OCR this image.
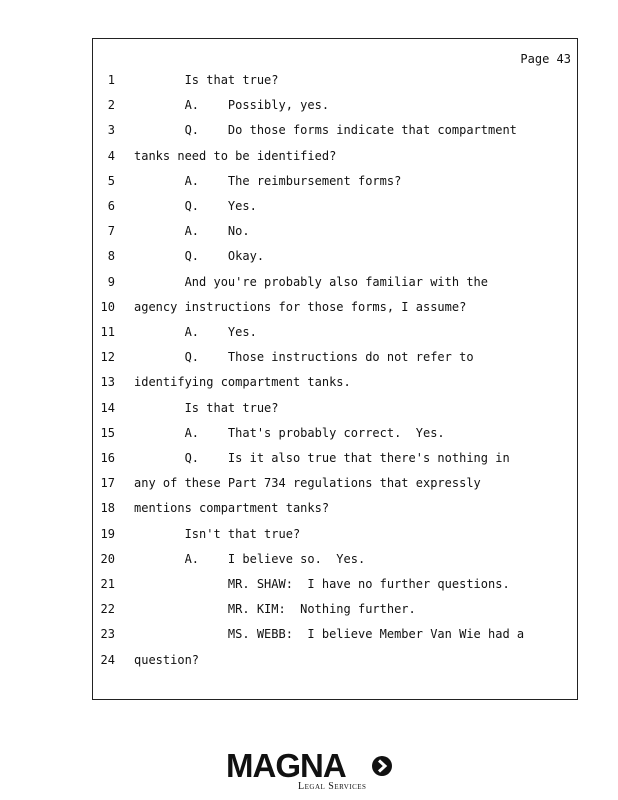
Page 43
1 Is that true?
2 A.    Possibly, yes.
3 Q.    Do those forms indicate that compartment
4 tanks need to be identified?
5 A.    The reimbursement forms?
6 Q.    Yes.
7 A.    No.
8 Q.    Okay.
9 And you're probably also familiar with the
10 agency instructions for those forms, I assume?
11 A.    Yes.
12 Q.    Those instructions do not refer to
13 identifying compartment tanks.
14 Is that true?
15 A.    That's probably correct.  Yes.
16 Q.    Is it also true that there's nothing in
17 any of these Part 734 regulations that expressly
18 mentions compartment tanks?
19 Isn't that true?
20 A.    I believe so.  Yes.
21 MR. SHAW:  I have no further questions.
22 MR. KIM:  Nothing further.
23 MS. WEBB:  I believe Member Van Wie had a
24 question?
MAGNA
Legal Services
